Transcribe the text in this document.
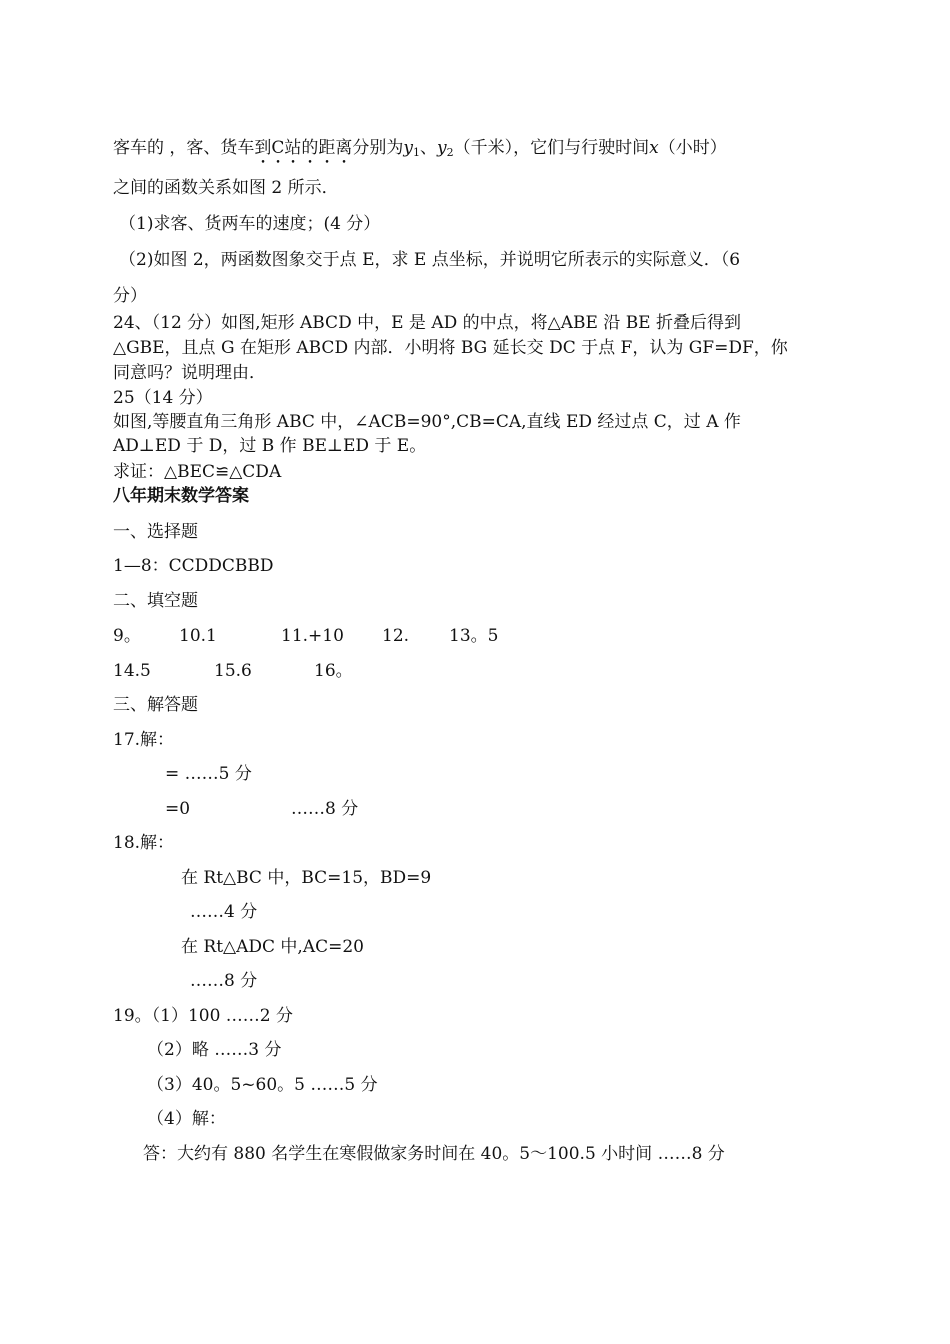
客车的 ，客、货车到C站的距离分别为$y_1$、$y_2$（千米），它们与行驶时间x（小时）
之间的函数关系如图 2 所示．
（1)求客、货两车的速度；(4 分）
（2)如图 2，两函数图象交于点 E，求 E 点坐标，并说明它所表示的实际意义．（6
分）
24、（12 分）如图,矩形 ABCD 中，E 是 AD 的中点，将△ABE 沿 BE 折叠后得到
△GBE，且点 G 在矩形 ABCD 内部．小明将 BG 延长交 DC 于点 F，认为 GF=DF，你
同意吗？说明理由．
25（14 分）
如图,等腰直角三角形 ABC 中，∠ACB=90°,CB=CA,直线 ED 经过点 C，过 A 作
AD⊥ED 于 D，过 B 作 BE⊥ED 于 E。
求证：△BEC≌△CDA
八年期末数学答案
一、选择题
1—8：CCDDCBBD
二、填空题
9。 10.1	11.+10 12. 13。5
14.5	15.6	16。
三、解答题
17.解：
= ……5 分
=0	……8 分
18.解：
在 Rt△BC 中，BC=15，BD=9
……4 分
在 Rt△ADC 中,AC=20
……8 分
19。（1）100 ……2 分
（2）略 ……3 分
（3）40。5~60。5 ……5 分
（4）解：
答：大约有 880 名学生在寒假做家务时间在 40。5～100.5 小时间 ……8 分
